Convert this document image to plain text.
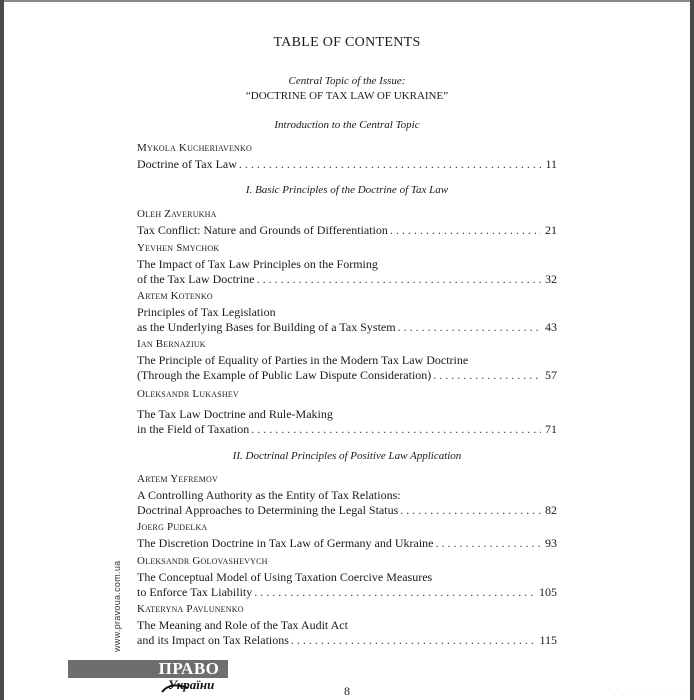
TABLE OF CONTENTS
Central Topic of the Issue:
“DOCTRINE OF TAX LAW OF UKRAINE”
Introduction to the Central Topic
Mykola Kucheriavenko
Doctrine of Tax Law . . .	11
I. Basic Principles of the Doctrine of Tax Law
Oleh Zaverukha
Tax Conflict: Nature and Grounds of Differentiation . . .	21
Yevhen Smychok
The Impact of Tax Law Principles on the Forming
of the Tax Law Doctrine . . .	32
Artem Kotenko
Principles of Tax Legislation
as the Underlying Bases for Building of a Tax System . . .	43
Ian Bernaziuk
The Principle of Equality of Parties in the Modern Tax Law Doctrine
(Through the Example of Public Law Dispute Consideration) . . .	57
Oleksandr Lukashev
The Tax Law Doctrine and Rule-Making
in the Field of Taxation . . .	71
II. Doctrinal Principles of Positive Law Application
Artem Yefremov
A Controlling Authority as the Entity of Tax Relations:
Doctrinal Approaches to Determining the Legal Status . . .	82
Joerg Pudelka
The Discretion Doctrine in Tax Law of Germany and Ukraine . . .	93
Oleksandr Golovashevych
The Conceptual Model of Using Taxation Coercive Measures
to Enforce Tax Liability . . .	105
Kateryna Pavlunenko
The Meaning and Role of the Tax Audit Act
and its Impact on Tax Relations . . .	115
www.pravoua.com.ua
ПРАВО
України	8	· · · · · · · · · ·
